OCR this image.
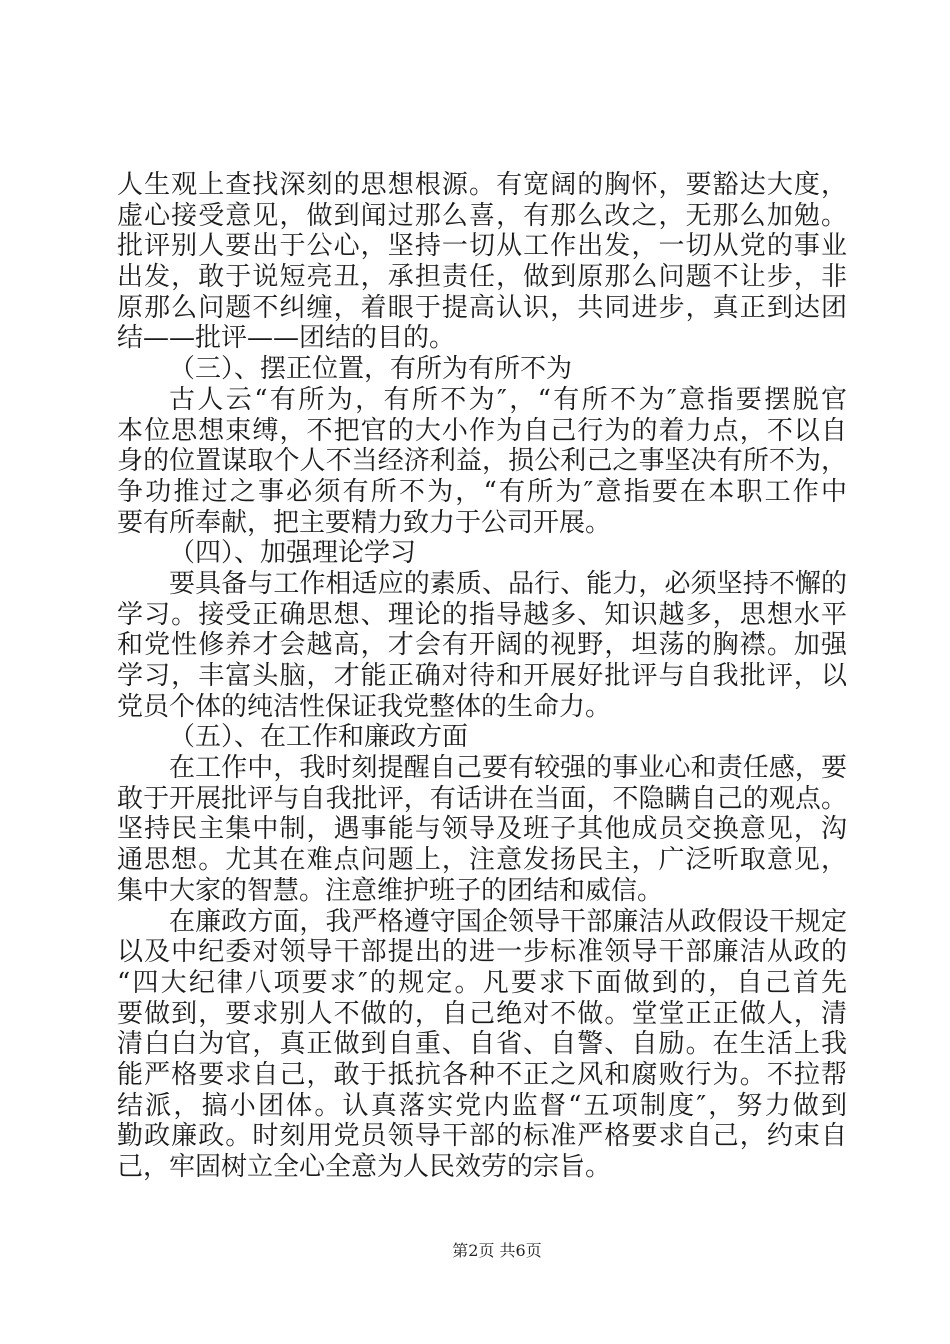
人生观上查找深刻的思想根源。有宽阔的胸怀，要豁达大度，
虚心接受意见，做到闻过那么喜，有那么改之，无那么加勉。
批评别人要出于公心，坚持一切从工作出发，一切从党的事业
出发，敢于说短亮丑，承担责任，做到原那么问题不让步，非
原那么问题不纠缠，着眼于提高认识，共同进步，真正到达团
结——批评——团结的目的。
（三）、摆正位置，有所为有所不为
古人云“有所为，有所不为″，“有所不为″意指要摆脱官
本位思想束缚，不把官的大小作为自己行为的着力点，不以自
身的位置谋取个人不当经济利益，损公利己之事坚决有所不为，
争功推过之事必须有所不为，“有所为″意指要在本职工作中
要有所奉献，把主要精力致力于公司开展。
（四）、加强理论学习
要具备与工作相适应的素质、品行、能力，必须坚持不懈的
学习。接受正确思想、理论的指导越多、知识越多，思想水平
和党性修养才会越高，才会有开阔的视野，坦荡的胸襟。加强
学习，丰富头脑，才能正确对待和开展好批评与自我批评，以
党员个体的纯洁性保证我党整体的生命力。
（五）、在工作和廉政方面
在工作中，我时刻提醒自己要有较强的事业心和责任感，要
敢于开展批评与自我批评，有话讲在当面，不隐瞒自己的观点。
坚持民主集中制，遇事能与领导及班子其他成员交换意见，沟
通思想。尤其在难点问题上，注意发扬民主，广泛听取意见，
集中大家的智慧。注意维护班子的团结和威信。
在廉政方面，我严格遵守国企领导干部廉洁从政假设干规定
以及中纪委对领导干部提出的进一步标准领导干部廉洁从政的
“四大纪律八项要求″的规定。凡要求下面做到的，自己首先
要做到，要求别人不做的，自己绝对不做。堂堂正正做人，清
清白白为官，真正做到自重、自省、自警、自励。在生活上我
能严格要求自己，敢于抵抗各种不正之风和腐败行为。不拉帮
结派，搞小团体。认真落实党内监督“五项制度″，努力做到
勤政廉政。时刻用党员领导干部的标准严格要求自己，约束自
己，牢固树立全心全意为人民效劳的宗旨。
第2页 共6页
